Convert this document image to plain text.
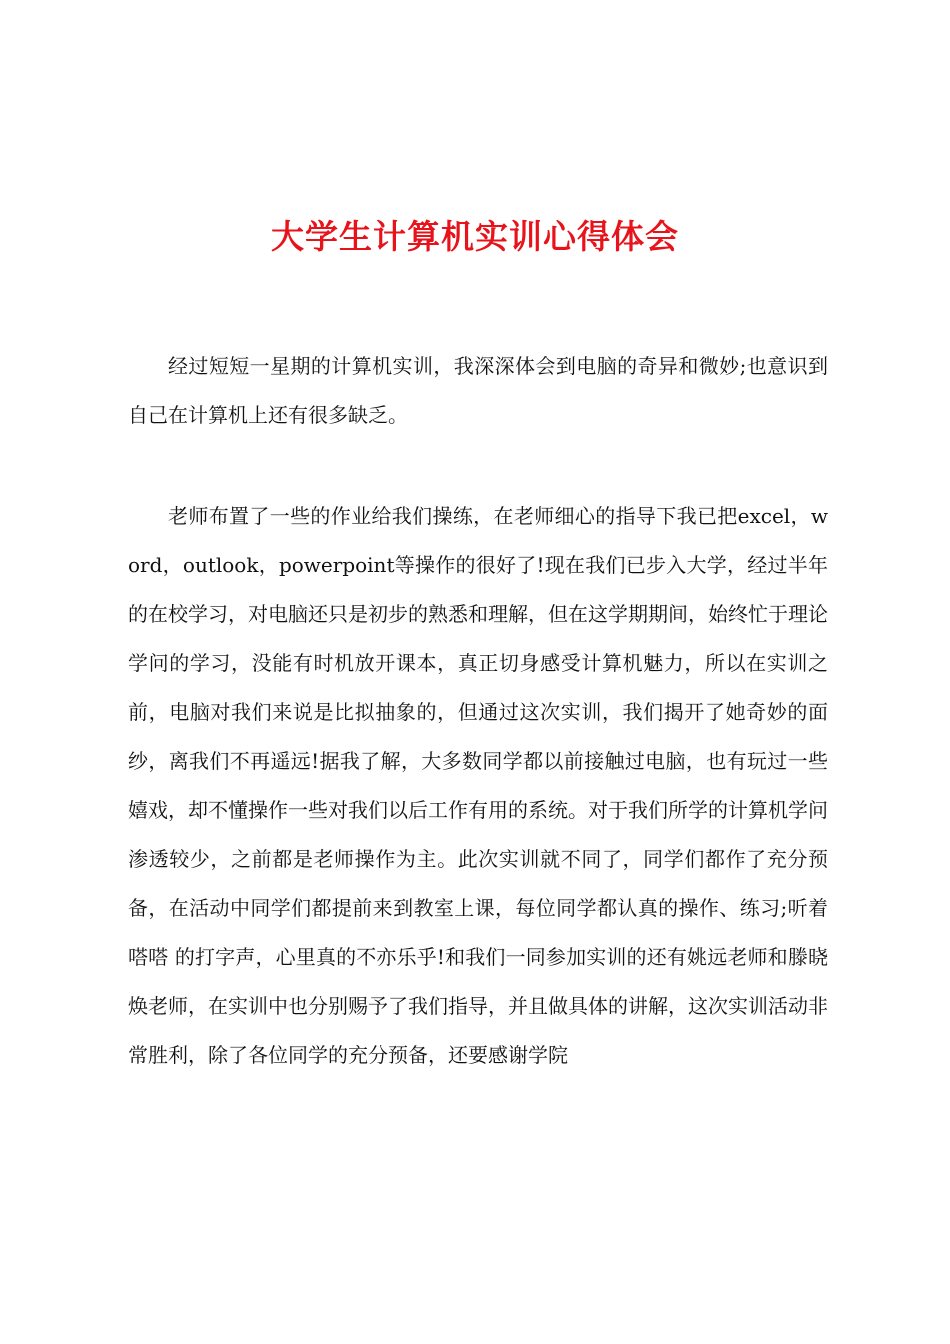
大学生计算机实训心得体会

经过短短一星期的计算机实训，我深深体会到电脑的奇异和微妙;也意识到自己在计算机上还有很多缺乏。

老师布置了一些的作业给我们操练，在老师细心的指导下我已把excel，word，outlook，powerpoint等操作的很好了!现在我们已步入大学，经过半年的在校学习，对电脑还只是初步的熟悉和理解，但在这学期期间，始终忙于理论学问的学习，没能有时机放开课本，真正切身感受计算机魅力，所以在实训之前，电脑对我们来说是比拟抽象的，但通过这次实训，我们揭开了她奇妙的面纱，离我们不再遥远!据我了解，大多数同学都以前接触过电脑，也有玩过一些嬉戏，却不懂操作一些对我们以后工作有用的系统。对于我们所学的计算机学问渗透较少，之前都是老师操作为主。此次实训就不同了，同学们都作了充分预备，在活动中同学们都提前来到教室上课，每位同学都认真的操作、练习;听着嗒嗒 的打字声，心里真的不亦乐乎!和我们一同参加实训的还有姚远老师和滕晓焕老师，在实训中也分别赐予了我们指导，并且做具体的讲解，这次实训活动非常胜利，除了各位同学的充分预备，还要感谢学院
